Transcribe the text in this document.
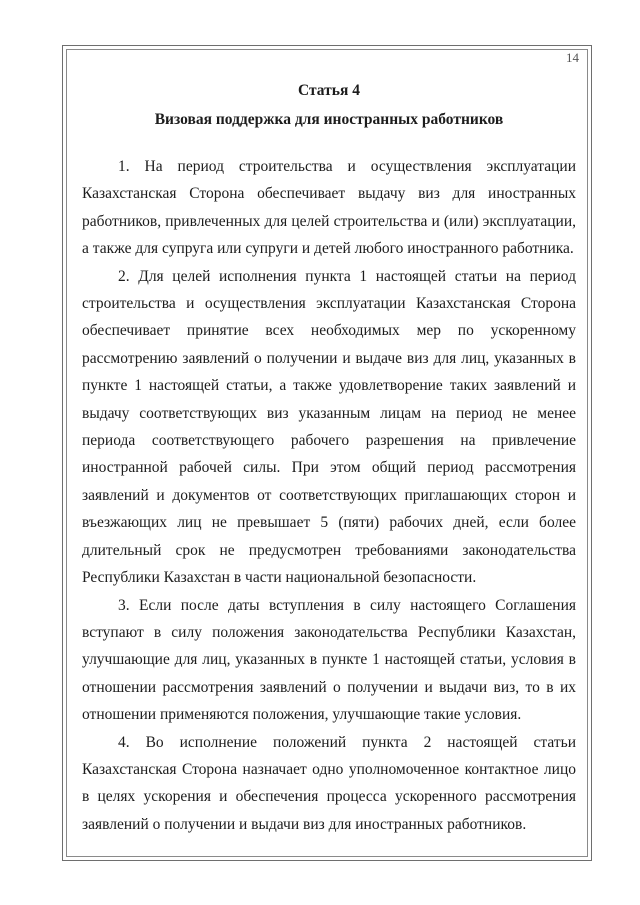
14
Статья 4
Визовая поддержка для иностранных работников

1. На период строительства и осуществления эксплуатации Казахстанская Сторона обеспечивает выдачу виз для иностранных работников, привлеченных для целей строительства и (или) эксплуатации, а также для супруга или супруги и детей любого иностранного работника.

2. Для целей исполнения пункта 1 настоящей статьи на период строительства и осуществления эксплуатации Казахстанская Сторона обеспечивает принятие всех необходимых мер по ускоренному рассмотрению заявлений о получении и выдаче виз для лиц, указанных в пункте 1 настоящей статьи, а также удовлетворение таких заявлений и выдачу соответствующих виз указанным лицам на период не менее периода соответствующего рабочего разрешения на привлечение иностранной рабочей силы. При этом общий период рассмотрения заявлений и документов от соответствующих приглашающих сторон и въезжающих лиц не превышает 5 (пяти) рабочих дней, если более длительный срок не предусмотрен требованиями законодательства Республики Казахстан в части национальной безопасности.

3. Если после даты вступления в силу настоящего Соглашения вступают в силу положения законодательства Республики Казахстан, улучшающие для лиц, указанных в пункте 1 настоящей статьи, условия в отношении рассмотрения заявлений о получении и выдачи виз, то в их отношении применяются положения, улучшающие такие условия.

4. Во исполнение положений пункта 2 настоящей статьи Казахстанская Сторона назначает одно уполномоченное контактное лицо в целях ускорения и обеспечения процесса ускоренного рассмотрения заявлений о получении и выдачи виз для иностранных работников.
